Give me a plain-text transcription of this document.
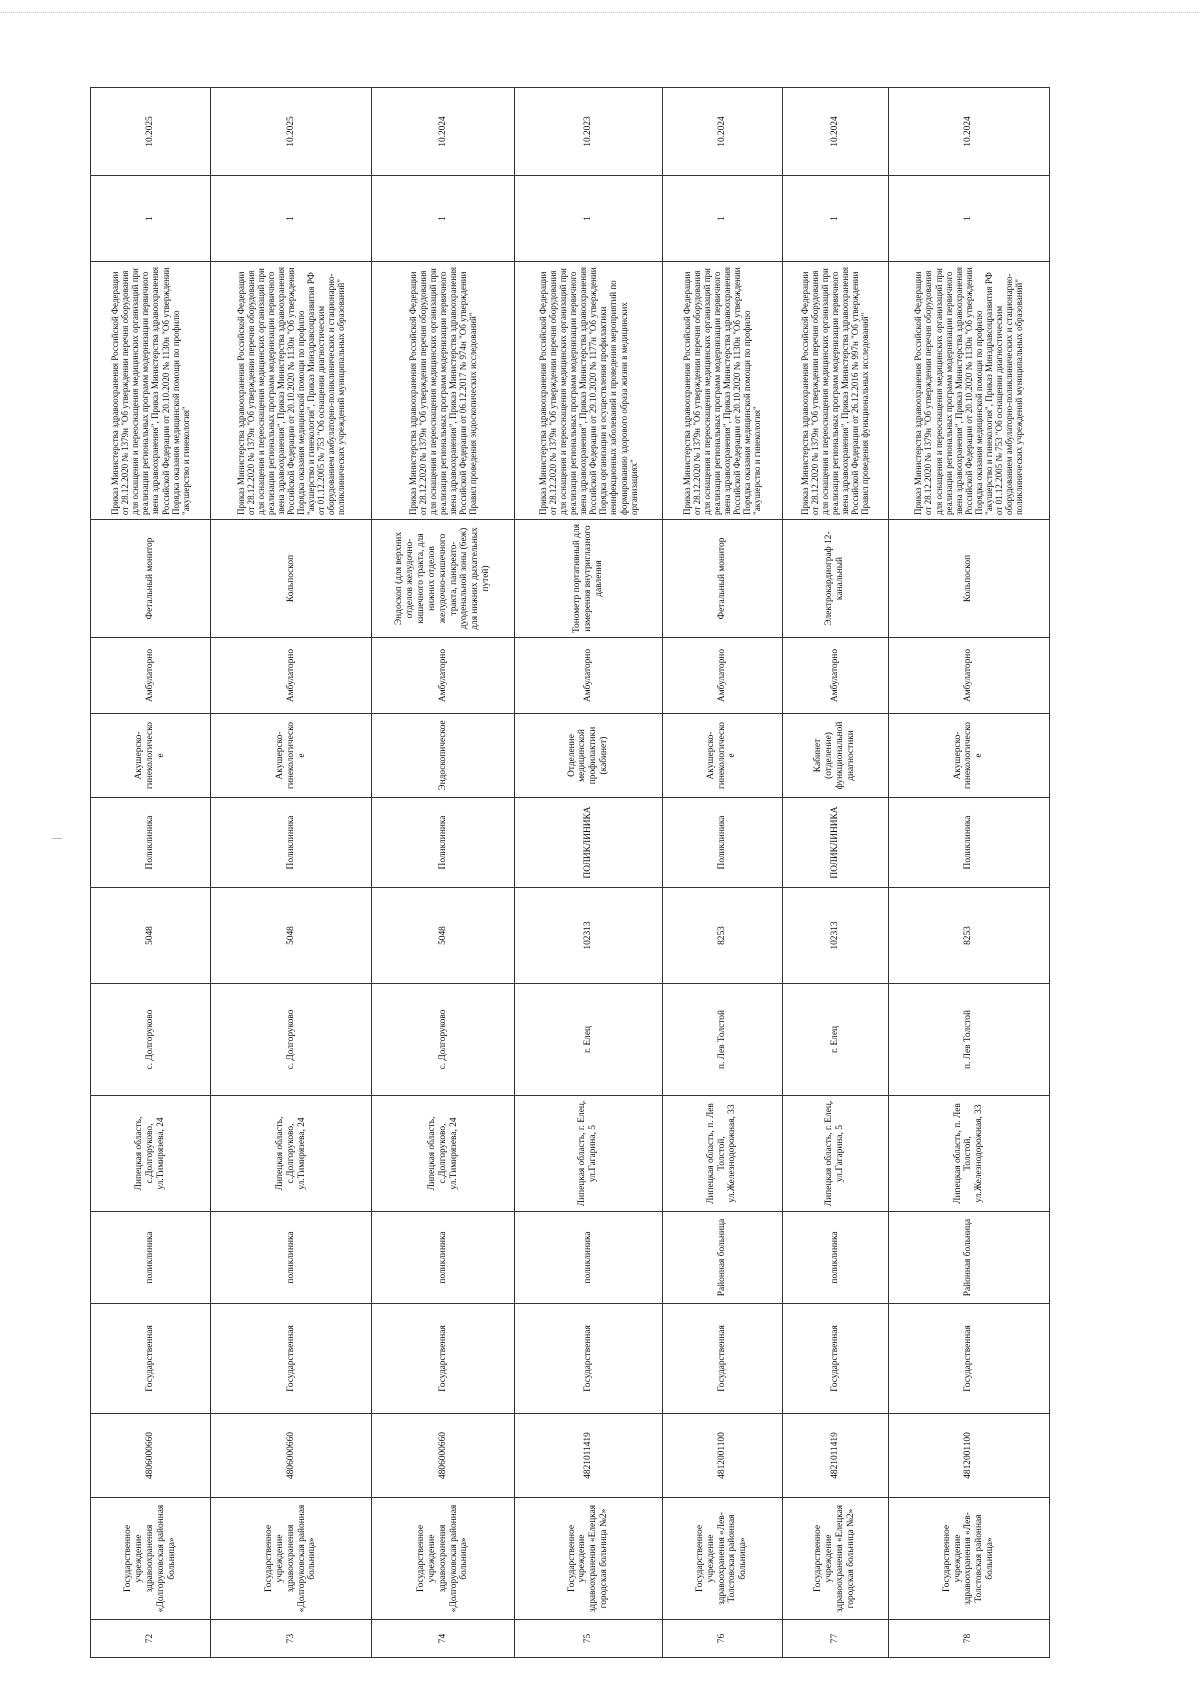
72	Государственное учреждение здравоохранения «Долгоруковская районная больница»	4806000660	Государственная	поликлиника	Липецкая область, с.Долгоруково, ул.Тимирязева, 24	с. Долгоруково	5048	Поликлиника	Акушерско-гинекологическое	Амбулаторно	Фетальный монитор	Приказ Министерства здравоохранения Российской Федерации от 28.12.2020 № 1379н "Об утверждении перечня оборудования для оснащения и переоснащения медицинских организаций при реализации региональных программ модернизации первичного звена здравоохранения", Приказ Министерства здравоохранения Российской Федерации от 20.10.2020 № 1130н "Об утверждении Порядка оказания медицинской помощи по профилю "акушерство и гинекология"	1	10.2025
73	Государственное учреждение здравоохранения «Долгоруковская районная больница»	4806000660	Государственная	поликлиника	Липецкая область, с.Долгоруково, ул.Тимирязева, 24	с. Долгоруково	5048	Поликлиника	Акушерско-гинекологическое	Амбулаторно	Кольпоскоп	Приказ Министерства здравоохранения Российской Федерации от 28.12.2020 № 1379н "Об утверждении перечня оборудования для оснащения и переоснащения медицинских организаций при реализации региональных программ модернизации первичного звена здравоохранения", Приказ Министерства здравоохранения Российской Федерации от 20.10.2020 № 1130н "Об утверждении Порядка оказания медицинской помощи по профилю "акушерство и гинекология", Приказ Минздравсоцразвития РФ от 01.12.2005 № 753 "Об оснащении диагностическим оборудованием амбулаторно-поликлинических и стационарно-поликлинических учреждений муниципальных образований"	1	10.2025
74	Государственное учреждение здравоохранения «Долгоруковская районная больница»	4806000660	Государственная	поликлиника	Липецкая область, с.Долгоруково, ул.Тимирязева, 24	с. Долгоруково	5048	Поликлиника	Эндоскопическое	Амбулаторно	Эндоскоп (для верхних отделов желудочно-кишечного тракта, для нижних отделов желудочно-кишечного тракта, панкреато-дуоденальной зоны (6еж) для нижних дыхательных путей)	Приказ Министерства здравоохранения Российской Федерации от 28.12.2020 № 1379н "Об утверждении перечня оборудования для оснащения и переоснащения медицинских организаций при реализации региональных программ модернизации первичного звена здравоохранения", Приказ Министерства здравоохранения Российской Федерации от 06.12.2017 № 974н "Об утверждении Правил проведения эндоскопических исследований"	1	10.2024
75	Государственное учреждение здравоохранения «Елецкая городская больница №2»	4821011419	Государственная	поликлиника	Липецкая область, г. Елец, ул.Гагарина, 5	г. Елец	102313	ПОЛИКЛИНИКА	Отделение медицинской профилактики (кабинет)	Амбулаторно	Тонометр портативный для измерения внутриглазного давления	Приказ Министерства здравоохранения Российской Федерации от 28.12.2020 № 1379н "Об утверждении перечня оборудования для оснащения и переоснащения медицинских организаций при реализации региональных программ модернизации первичного звена здравоохранения", Приказ Министерства здравоохранения Российской Федерации от 29.10.2020 № 1177н "Об утверждении Порядка организации и осуществления профилактики неинфекционных заболеваний и проведения мероприятий по формированию здорового образа жизни в медицинских организациях"	1	10.2023
76	Государственное учреждение здравоохранения «Лев-Толстовская районная больница»	4812001100	Государственная	Районная больница	Липецкая область, п. Лев Толстой, ул.Железнодорожная, 33	п. Лев Толстой	8253	Поликлиника	Акушерско-гинекологическое	Амбулаторно	Фетальный монитор	Приказ Министерства здравоохранения Российской Федерации от 28.12.2020 № 1379н "Об утверждении перечня оборудования для оснащения и переоснащения медицинских организаций при реализации региональных программ модернизации первичного звена здравоохранения", Приказ Министерства здравоохранения Российской Федерации от 20.10.2020 № 1130н "Об утверждении Порядка оказания медицинской помощи по профилю "акушерство и гинекология"	1	10.2024
77	Государственное учреждение здравоохранения «Елецкая городская больница №2»	4821011419	Государственная	поликлиника	Липецкая область, г. Елец, ул.Гагарина, 5	г. Елец	102313	ПОЛИКЛИНИКА	Кабинет (отделение) функциональной диагностики	Амбулаторно	Электрокардиограф 12-канальный	Приказ Министерства здравоохранения Российской Федерации от 28.12.2020 № 1379н "Об утверждении перечня оборудования для оснащения и переоснащения медицинских организаций при реализации региональных программ модернизации первичного звена здравоохранения", Приказ Министерства здравоохранения Российской Федерации от 26.12.2016 № 997н "Об утверждении Правил проведения функциональных исследований"	1	10.2024
78	Государственное учреждение здравоохранения «Лев-Толстовская районная больница»	4812001100	Государственная	Районная больница	Липецкая область, п. Лев Толстой, ул.Железнодорожная, 33	п. Лев Толстой	8253	Поликлиника	Акушерско-гинекологическое	Амбулаторно	Кольпоскоп	Приказ Министерства здравоохранения Российской Федерации от 28.12.2020 № 1379н "Об утверждении перечня оборудования для оснащения и переоснащения медицинских организаций при реализации региональных программ модернизации первичного звена здравоохранения", Приказ Министерства здравоохранения Российской Федерации от 20.10.2020 № 1130н "Об утверждении Порядка оказания медицинской помощи по профилю "акушерство и гинекология", Приказ Минздравсоцразвития РФ от 01.12.2005 № 753 "Об оснащении диагностическим оборудованием амбулаторно-поликлинических и стационарно-поликлинических учреждений муниципальных образований"	1	10.2024
